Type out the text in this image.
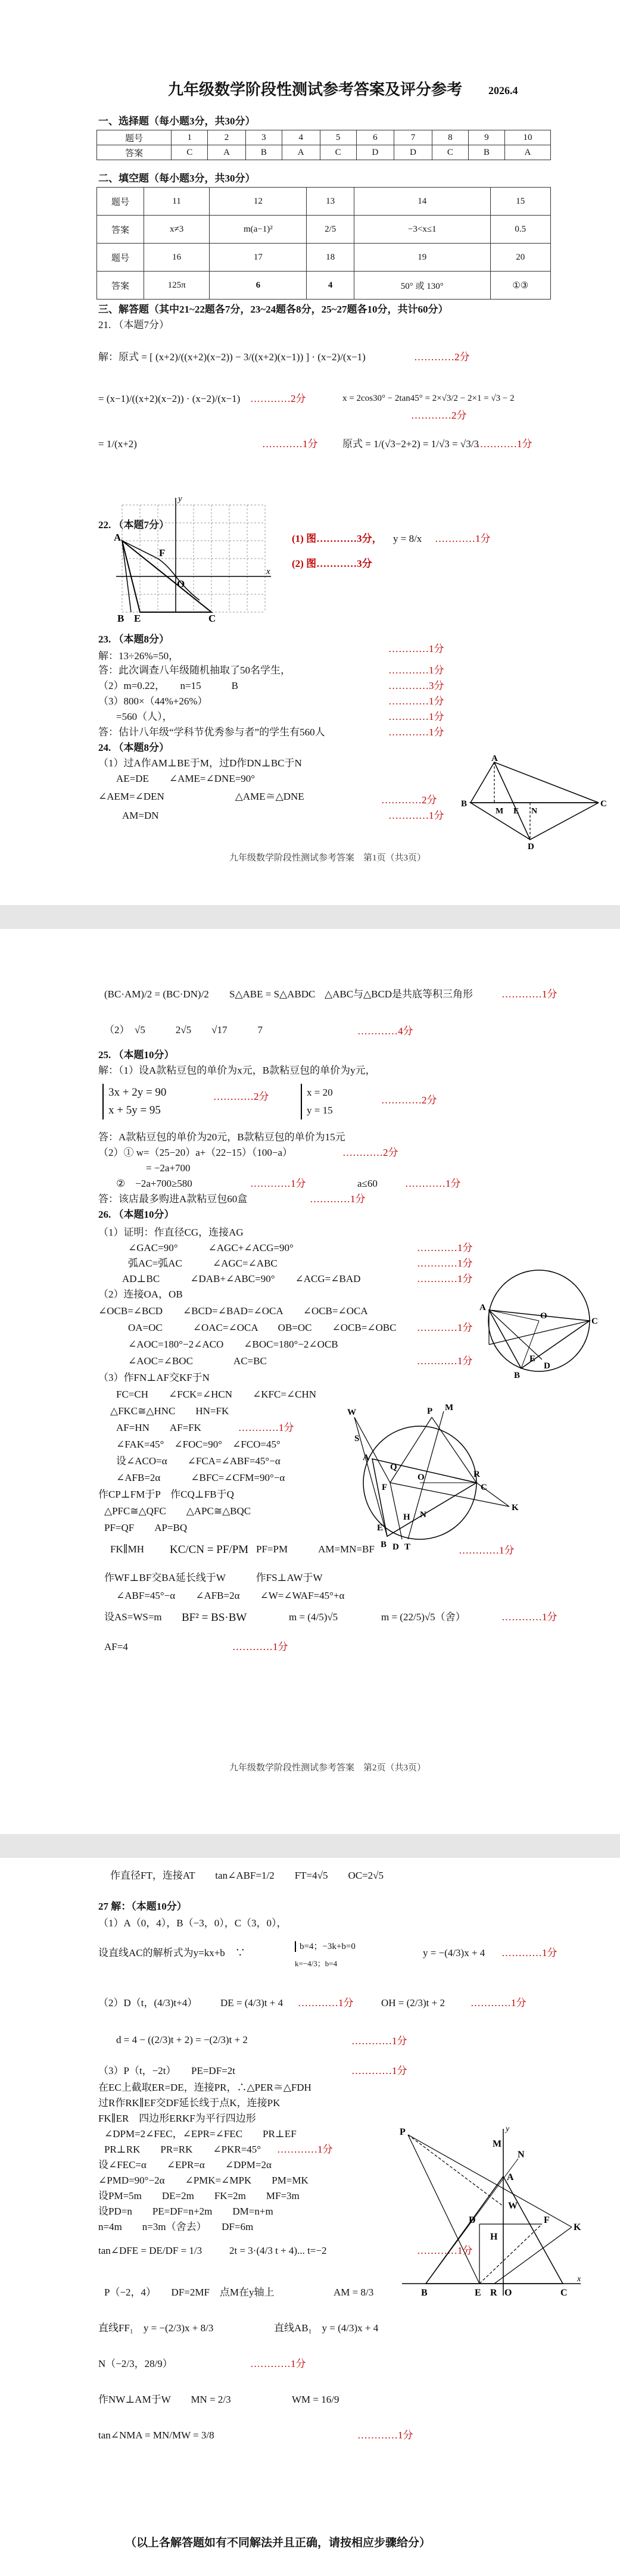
九年级数学阶段性测试参考答案及评分参考 2026.4
一、选择题（每小题3分，共30分）
题号	1	2	3	4	5	6	7	8	9	10
答案	C	A	B	A	C	D	D	C	B	A
二、填空题（每小题3分，共30分）
题号	11	12	13	14	15
答案	x≠3	m(a−1)²	2/5	−3<x≤1	0.5
题号	16	17	18	19	20
答案	125π	6	4	50° 或 130°	①③
三、解答题（其中21~22题各7分，23~24题各8分，25~27题各10分，共计60分）
21. （本题7分）
解：原式 = [ (x+2)/((x+2)(x−2)) − 3/((x+2)(x−1)) ] · (x−2)/(x−1)	…………2分
= (x−1)/((x+2)(x−2)) · (x−2)/(x−1) …………2分	x = 2cos30° − 2tan45° = 2×√3/2 − 2×1 = √3 − 2
…………2分
= 1/(x+2)	…………1分 原式 = 1/(√3−2+2) = 1/√3 = √3/3
…………1分
22. （本题7分）
A
B E	C
F
O
x
y
(1) 图…………3分， y = 8/x …………1分
(2) 图…………3分
23. （本题8分）
解：13÷26%=50，
…………1分
答：此次调查八年级随机抽取了50名学生，	…………1分
（2）m=0.22，　　n=15　　　B	…………3分
（3）800×（44%+26%）	…………1分
=560（人），	…………1分
答：估计八年级“学科节优秀参与者”的学生有560人	…………1分
24. （本题8分）
（1）过A作AM⊥BE于M，过D作DN⊥BC于N
AE=DE　　∠AME=∠DNE=90°
∠AEM=∠DEN　　　　　　　△AME≅△DNE	…………2分
AM=DN	…………1分
A
B	C
D
M E N
九年级数学阶段性测试参考答案　第1页（共3页）
(BC·AM)/2 = (BC·DN)/2 S△ABE = S△ABDC △ABC与△BCD是共底等积三角形	…………1分
（2）　√5　　　2√5　　√17　　　7	…………4分
25. （本题10分）
解：（1）设A款粘豆包的单价为x元，B款粘豆包的单价为y元，
3x + 2y = 90
x + 5y = 95
…………2分	x = 20
y = 15
…………2分
答：A款粘豆包的单价为20元，B款粘豆包的单价为15元
（2）① w=（25−20）a+（22−15）（100−a）	…………2分
= −2a+700
②　−2a+700≥580	…………1分	a≤60	…………1分
答：该店最多购进A款粘豆包60盒	…………1分
26. （本题10分）
（1）证明：作直径CG，连接AG
∠GAC=90°　　　∠AGC+∠ACG=90°	…………1分
弧AC=弧AC　　　∠AGC=∠ABC	…………1分
AD⊥BC　　　∠DAB+∠ABC=90°　　∠ACG=∠BAD	…………1分
（2）连接OA，OB
∠OCB=∠BCD　　∠BCD=∠BAD=∠OCA　　∠OCB=∠OCA
OA=OC　　　∠OAC=∠OCA　　OB=OC　　∠OCB=∠OBC …………1分
∠AOC=180°−2∠ACO　　∠BOC=180°−2∠OCB
∠AOC=∠BOC　　　　AC=BC	…………1分
A
B
C
D
O
E
（3）作FN⊥AF交KF于N
FC=CH　　∠FCK=∠HCN　　∠KFC=∠CHN
△FKC≅△HNC　　HN=FK
AF=HN　　AF=FK	…………1分
∠FAK=45°　∠FOC=90°　∠FCO=45°
设∠ACO=α　　∠FCA=∠ABF=45°−α
∠AFB=2α　　　∠BFC=∠CFM=90°−α
作CP⊥FM于P　作CQ⊥FB于Q
△PFC≅△QFC　　△APC≅△BQC
PF=QF　　AP=BQ
W	P M
S
F
A
Q
O
K
R
C
N
H
B D T
E
FK∥MH KC/CN = PF/PM PF=PM　　　AM=MN=BF	…………1分
作WF⊥BF交BA延长线于W　　　作FS⊥AW于W
∠ABF=45°−α　　∠AFB=2α　　∠W=∠WAF=45°+α
设AS=WS=m BF² = BS·BW	m = (4/5)√5	m = (22/5)√5（舍）	…………1分
AF=4	…………1分
九年级数学阶段性测试参考答案　第2页（共3页）
作直径FT，连接AT　　tan∠ABF=1/2　　FT=4√5　　OC=2√5
27 解：（本题10分）
（1）A（0，4），B（−3，0），C（3，0），
设直线AC的解析式为y=kx+b　∵
b=4；−3k+b=0
k=−4/3；b=4
y = −(4/3)x + 4 …………1分
（2）D（t，(4/3)t+4） DE = (4/3)t + 4 …………1分	OH = (2/3)t + 2	…………1分
d = 4 − ((2/3)t + 2) = −(2/3)t + 2	…………1分
（3）P（t，−2t）　　PE=DF=2t	…………1分
在EC上截取ER=DE，连接PR，∴△PER≅△FDH
过R作RK∥EF交DF延长线于点K，连接PK
FK∥ER　四边形ERKF为平行四边形
∠DPM=2∠FEC，∠EPR=∠FEC　　PR⊥EF
PR⊥RK　　PR=RK　　∠PKR=45° …………1分
设∠FEC=α　　∠EPR=α　　∠DPM=2α
∠PMD=90°−2α　　∠PMK=∠MPK　　PM=MK
设PM=5m　　DE=2m　　FK=2m　　MF=3m
设PD=n　　PE=DF=n+2m　　DM=n+m
n=4m　　n=3m（舍去）　　DF=6m
tan∠DFE = DE/DF = 1/3	2t = 3·(4/3 t + 4)... t=−2	…………1分
P（−2，4）　　DF=2MF　点M在y轴上	AM = 8/3
直线FF₁　y = −(2/3)x + 8/3	直线AB₁　y = (4/3)x + 4
N（−2/3，28/9）	…………1分
作NW⊥AM于W　　MN = 2/3	WM = 16/9
tan∠NMA = MN/MW = 3/8	…………1分
P
M
A
D
W
F
N
K
B	E R O	C
H
x
y
（以上各解答题如有不同解法并且正确，请按相应步骤给分）
